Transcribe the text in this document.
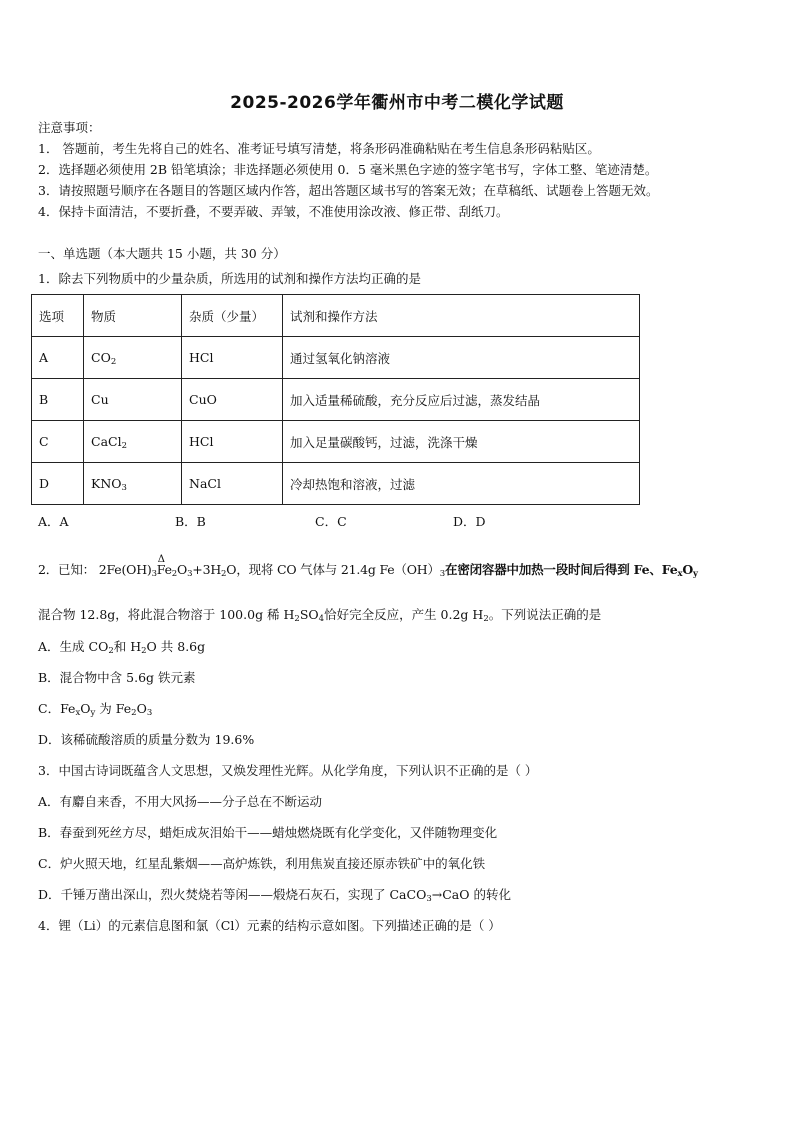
2025-2026学年衢州市中考二模化学试题
注意事项：
1． 答题前，考生先将自己的姓名、准考证号填写清楚，将条形码准确粘贴在考生信息条形码粘贴区。
2．选择题必须使用 2B 铅笔填涂；非选择题必须使用 0．5 毫米黑色字迹的签字笔书写，字体工整、笔迹清楚。
3．请按照题号顺序在各题目的答题区域内作答，超出答题区域书写的答案无效；在草稿纸、试题卷上答题无效。
4．保持卡面清洁，不要折叠，不要弄破、弄皱，不准使用涂改液、修正带、刮纸刀。
一、单选题（本大题共 15 小题，共 30 分）
1．除去下列物质中的少量杂质，所选用的试剂和操作方法均正确的是
选项	物质	杂质（少量）	试剂和操作方法
A	$CO_2$	HCl	通过氢氧化钠溶液
B	Cu	CuO	加入适量稀硫酸，充分反应后过滤，蒸发结晶
C	CaCl$_2$	HCl	加入足量碳酸钙，过滤，洗涤干燥
D	$KNO_3$	NaCl	冷却热饱和溶液，过滤
A．A	B．B	C．C	D．D
2．已知： $2Fe(OH)_3$
Δ
$Fe_2O_3+3H_2O$，现将 CO 气体与 21.4g $Fe(OH)_3$在密闭容器中加热一段时间后得到 Fe、$Fe_xO_y$
混合物 12.8g，将此混合物溶于 100.0g 稀 $H_2SO_4$恰好完全反应，产生 0.2g $H_2$。下列说法正确的是
A．生成 $CO_2$和 $H_2O$ 共 8.6g
B．混合物中含 5.6g 铁元素
C．$Fe_xO_y$ 为 $Fe_2O_3$
D．该稀硫酸溶质的质量分数为 19.6%
3．中国古诗词既蕴含人文思想，又焕发理性光辉。从化学角度，下列认识不正确的是（ ）
A．有麝自来香，不用大风扬——分子总在不断运动
B．春蚕到死丝方尽，蜡炬成灰泪始干——蜡烛燃烧既有化学变化，又伴随物理变化
C．炉火照天地，红星乱紫烟——高炉炼铁，利用焦炭直接还原赤铁矿中的氧化铁
D．千锤万凿出深山，烈火焚烧若等闲——煅烧石灰石，实现了 CaCO$_3$→CaO 的转化
4．锂（Li）的元素信息图和氯（Cl）元素的结构示意如图。下列描述正确的是（ ）
